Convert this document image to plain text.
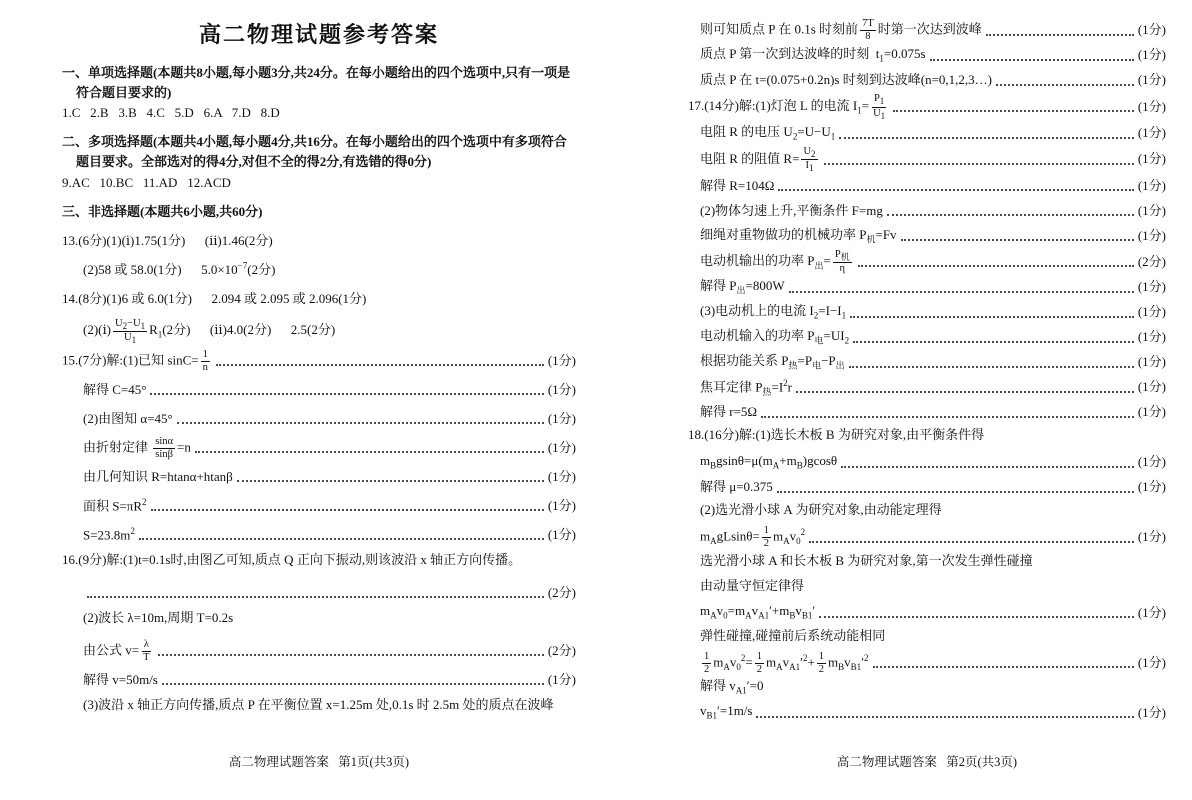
高二物理试题参考答案
一、单项选择题(本题共8小题,每小题3分,共24分。在每小题给出的四个选项中,只有一项是符合题目要求的)
1.C   2.B   3.B   4.C   5.D   6.A   7.D   8.D
二、多项选择题(本题共4小题,每小题4分,共16分。在每小题给出的四个选项中有多项符合题目要求。全部选对的得4分,对但不全的得2分,有选错的得0分)
9.AC   10.BC   11.AD   12.ACD
三、非选择题(本题共6小题,共60分)
13.(6分)(1)(ⅰ)1.75(1分)      (ⅱ)1.46(2分)
(2)58 或 58.0(1分)      $5.0\times 10^{-7}(2$分)
14.(8分)(1)6 或 6.0(1分)      2.094 或 2.095 或 2.096(1分)
(2)(ⅰ) $\frac{U_2-U_1}{U_1} R_1(2$分)      (ⅱ)4.0(2分)      2.5(2分)
15.(7分)解:(1)已知 $\sin C= \frac{1}{n}$	(1分)
解得 C=45°	(1分)
(2)由图知 α=45°	(1分)
由折射定律 $\frac{\sin\alpha}{\sin\beta} =n$	(1分)
由几何知识 R=htanα+htanβ	(1分)
面积 $S=\pi R^2$	(1分)
$S=23.8m^2$	(1分)
16.(9分)解:(1)t=0.1s时,由图乙可知,质点 Q 正向下振动,则该波沿 x 轴正方向传播。
(2分)
(2)波长 λ=10m,周期 T=0.2s
由公式 $v= \frac{\lambda}{T}$	(2分)
解得 v=50m/s	(1分)
(3)波沿 x 轴正方向传播,质点 P 在平衡位置 x=1.25m 处,0.1s 时 2.5m 处的质点在波峰
高二物理试题答案   第1页(共3页)
则可知质点 P 在 0.1s 时刻前 $\frac{7T}{8}$ 时第一次达到波峰	(1分)
质点 P 第一次到达波峰的时刻  $t_1=0.075s$	(1分)
质点 P 在 t=(0.075+0.2n)s 时刻到达波峰(n=0,1,2,3…)	(1分)
17.(14分)解:(1)灯泡 L 的电流 $I_1= \frac{P_1}{U_1}$	(1分)
电阻 R 的电压 $U_2=U-U_1$	(1分)
电阻 R 的阻值 $R= \frac{U_2}{I_1}$	(1分)
解得 R=104Ω	(1分)
(2)物体匀速上升,平衡条件 F=mg	(1分)
细绳对重物做功的机械功率 $P_机=Fv$	(1分)
电动机输出的功率 $P_出= \frac{P_机}{\eta}$	(2分)
解得 $P_出=800W$	(1分)
(3)电动机上的电流 $I_2=I-I_1$	(1分)
电动机输入的功率 $P_电=UI_2$	(1分)
根据功能关系 $P_热=P_电-P_出$	(1分)
焦耳定律 $P_热=I^2r$	(1分)
解得 r=5Ω	(1分)
18.(16分)解:(1)选长木板 B 为研究对象,由平衡条件得
$m_Bgsin\theta=\mu(m_A+m_B)gcos\theta$	(1分)
解得 μ=0.375	(1分)
(2)选光滑小球 A 为研究对象,由动能定理得
$m_AgLsin\theta= \frac{1}{2} m_Av_0^2$	(1分)
选光滑小球 A 和长木板 B 为研究对象,第一次发生弹性碰撞
由动量守恒定律得
$m_Av_0=m_Av_{A1}'+m_Bv_{B1}'$	(1分)
弹性碰撞,碰撞前后系统动能相同
$\frac{1}{2} m_Av_0^2= \frac{1}{2} m_Av_{A1}'^2+ \frac{1}{2} m_Bv_{B1}'^2$	(1分)
解得 $v_{A1}'=0$
$v_{B1}'=1m/s$	(1分)
高二物理试题答案   第2页(共3页)
